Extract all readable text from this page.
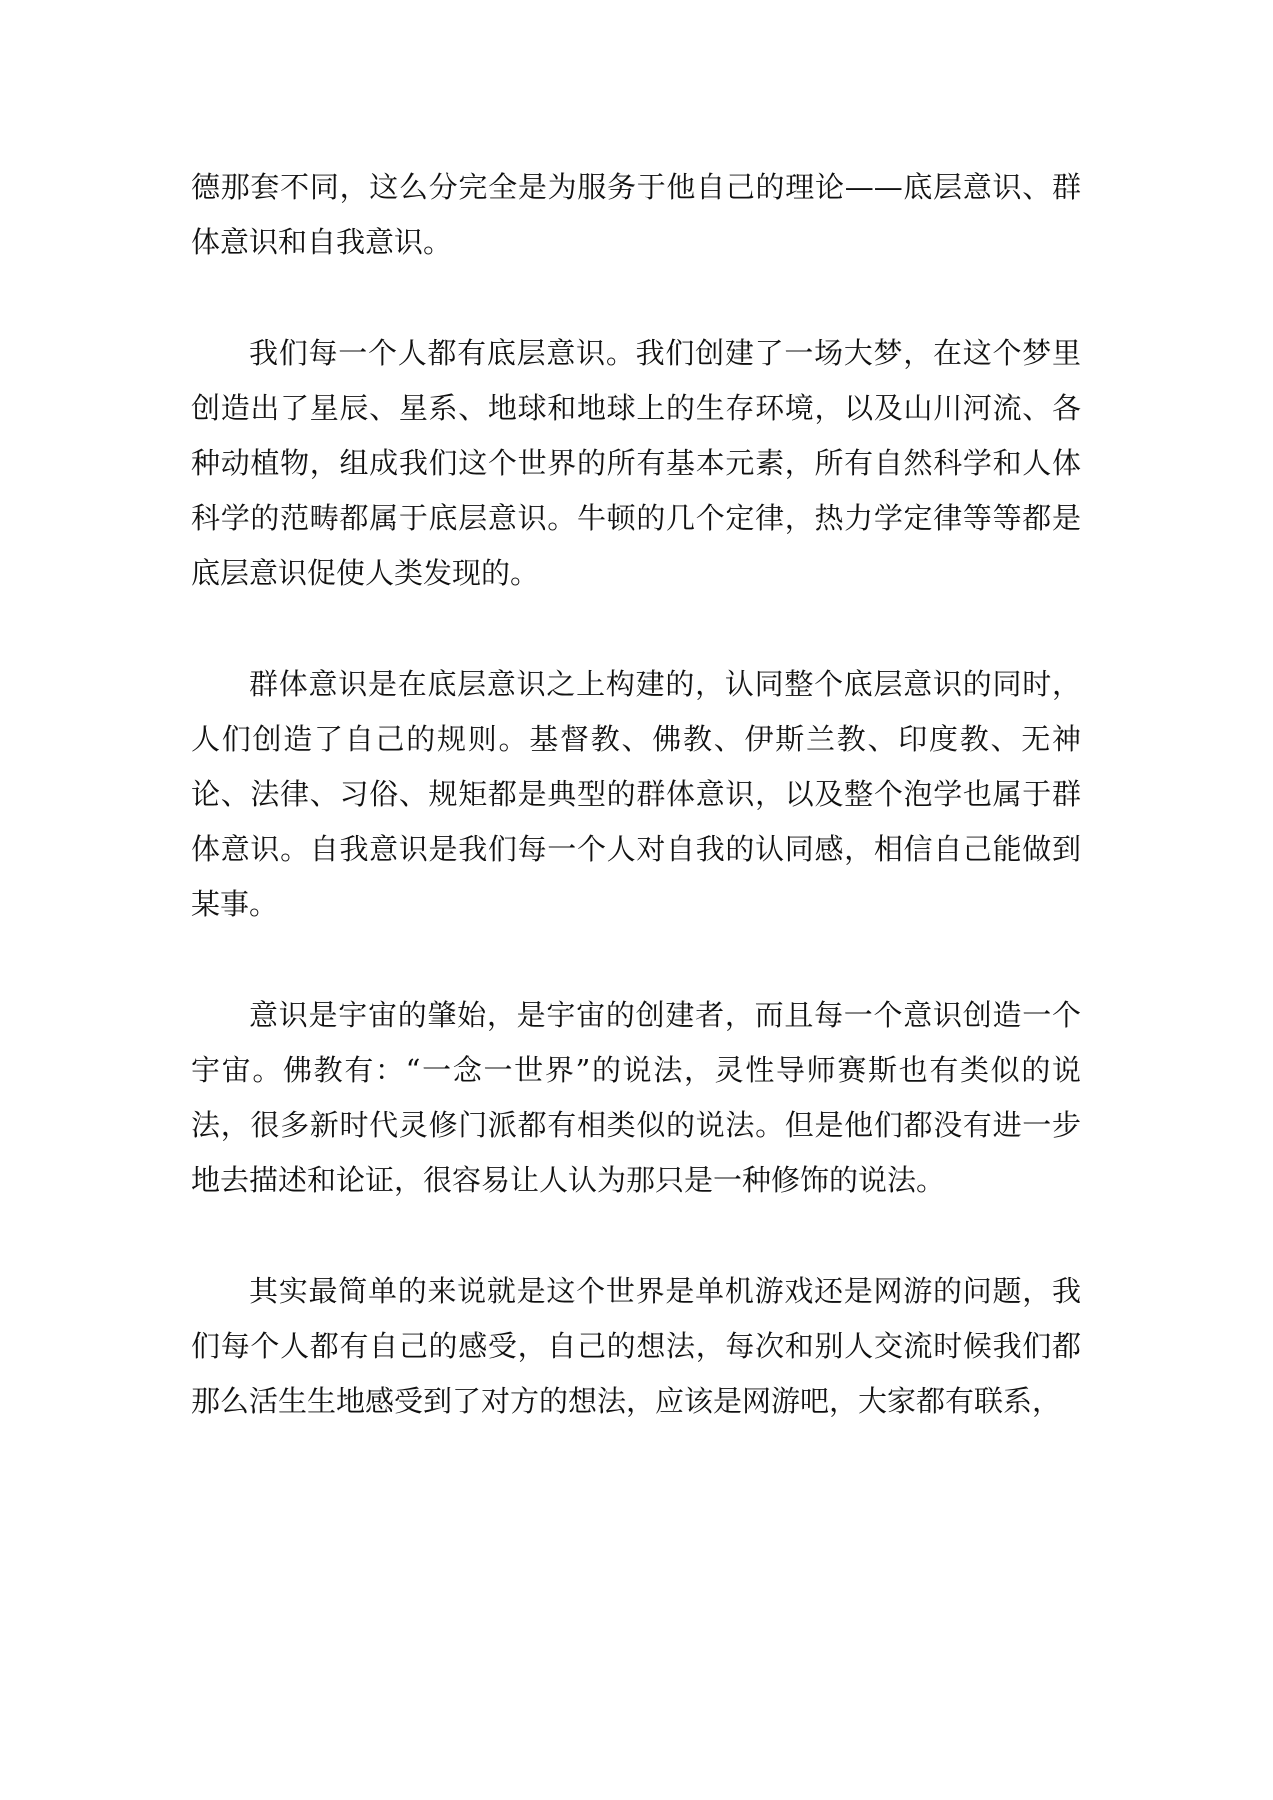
德那套不同，这么分完全是为服务于他自己的理论——底层意识、群体意识和自我意识。

我们每一个人都有底层意识。我们创建了一场大梦，在这个梦里创造出了星辰、星系、地球和地球上的生存环境，以及山川河流、各种动植物，组成我们这个世界的所有基本元素，所有自然科学和人体科学的范畴都属于底层意识。牛顿的几个定律，热力学定律等等都是底层意识促使人类发现的。

群体意识是在底层意识之上构建的，认同整个底层意识的同时，人们创造了自己的规则。基督教、佛教、伊斯兰教、印度教、无神论、法律、习俗、规矩都是典型的群体意识，以及整个泡学也属于群体意识。自我意识是我们每一个人对自我的认同感，相信自己能做到某事。

意识是宇宙的肇始，是宇宙的创建者，而且每一个意识创造一个宇宙。佛教有：“一念一世界”的说法，灵性导师赛斯也有类似的说法，很多新时代灵修门派都有相类似的说法。但是他们都没有进一步地去描述和论证，很容易让人认为那只是一种修饰的说法。

其实最简单的来说就是这个世界是单机游戏还是网游的问题，我们每个人都有自己的感受，自己的想法，每次和别人交流时候我们都那么活生生地感受到了对方的想法，应该是网游吧，大家都有联系，
